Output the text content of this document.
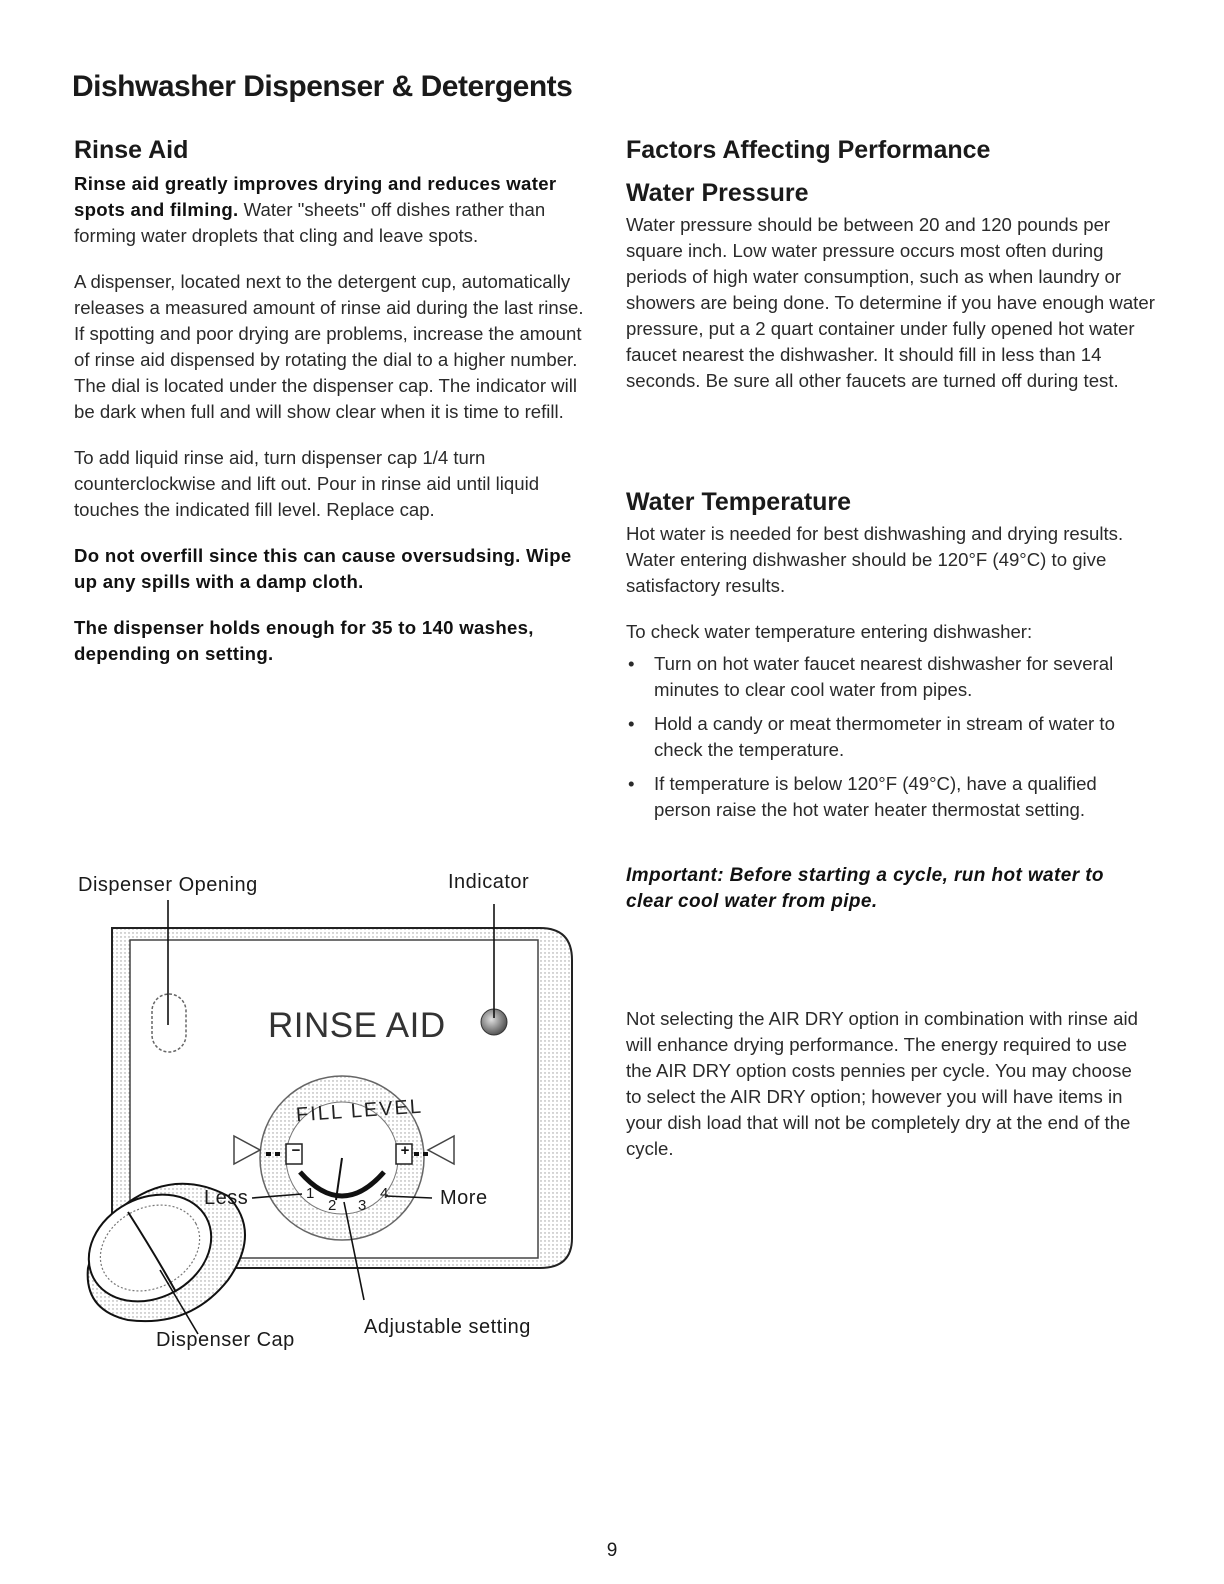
Dishwasher Dispenser & Detergents
Rinse Aid

Rinse aid greatly improves drying and reduces water spots and filming. Water "sheets" off dishes rather than forming water droplets that cling and leave spots.

A dispenser, located next to the detergent cup, automatically releases a measured amount of rinse aid during the last rinse. If spotting and poor drying are problems, increase the amount of rinse aid dispensed by rotating the dial to a higher number. The dial is located under the dispenser cap. The indicator will be dark when full and will show clear when it is time to refill.

To add liquid rinse aid, turn dispenser cap 1/4 turn counterclockwise and lift out. Pour in rinse aid until liquid touches the indicated fill level. Replace cap.

Do not overfill since this can cause oversudsing. Wipe up any spills with a damp cloth.

The dispenser holds enough for 35 to 140 washes, depending on setting.

Dispenser Opening	Indicator
RINSE AID
FILL LEVEL
−	+
1
2 3
4
Less	More
Dispenser Cap
Adjustable setting
Factors Affecting Performance
Water Pressure

Water pressure should be between 20 and 120 pounds per square inch. Low water pressure occurs most often during periods of high water consumption, such as when laundry or showers are being done. To determine if you have enough water pressure, put a 2 quart container under fully opened hot water faucet nearest the dishwasher. It should fill in less than 14 seconds. Be sure all other faucets are turned off during test.

Water Temperature

Hot water is needed for best dishwashing and drying results. Water entering dishwasher should be 120°F (49°C) to give satisfactory results.

To check water temperature entering dishwasher:

• Turn on hot water faucet nearest dishwasher for several minutes to clear cool water from pipes.
• Hold a candy or meat thermometer in stream of water to check the temperature.
• If temperature is below 120°F (49°C), have a qualified person raise the hot water heater thermostat setting.

Important: Before starting a cycle, run hot water to clear cool water from pipe.

Not selecting the AIR DRY option in combination with rinse aid will enhance drying performance. The energy required to use the AIR DRY option costs pennies per cycle. You may choose to select the AIR DRY option; however you will have items in your dish load that will not be completely dry at the end of the cycle.

9
